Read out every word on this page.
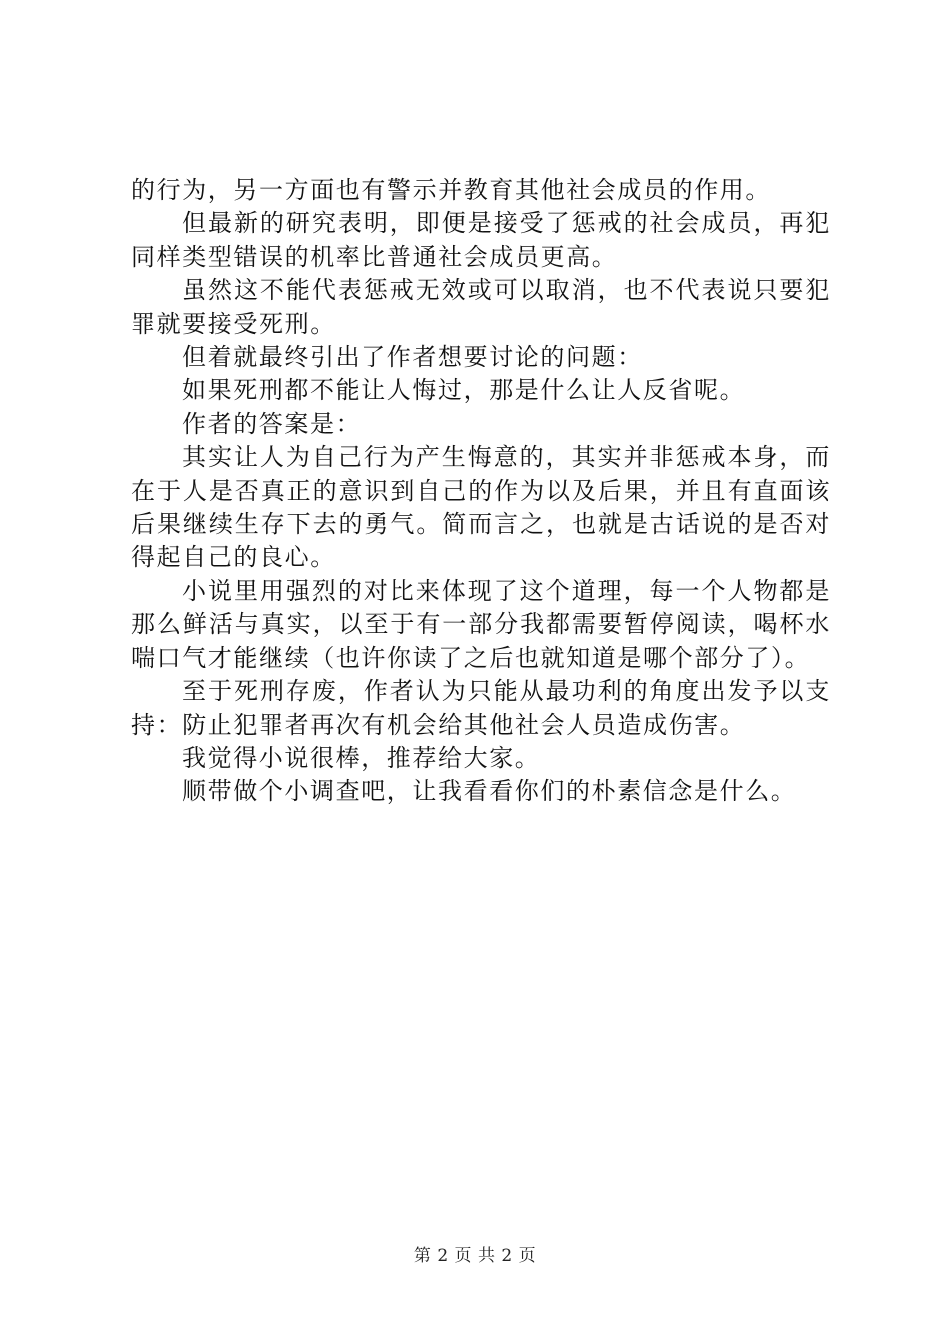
的行为，另一方面也有警示并教育其他社会成员的作用。

但最新的研究表明，即便是接受了惩戒的社会成员，再犯同样类型错误的机率比普通社会成员更高。

虽然这不能代表惩戒无效或可以取消，也不代表说只要犯罪就要接受死刑。

但着就最终引出了作者想要讨论的问题：

如果死刑都不能让人悔过，那是什么让人反省呢。

作者的答案是：

其实让人为自己行为产生悔意的，其实并非惩戒本身，而在于人是否真正的意识到自己的作为以及后果，并且有直面该后果继续生存下去的勇气。简而言之，也就是古话说的是否对得起自己的良心。

小说里用强烈的对比来体现了这个道理，每一个人物都是那么鲜活与真实，以至于有一部分我都需要暂停阅读，喝杯水喘口气才能继续（也许你读了之后也就知道是哪个部分了）。

至于死刑存废，作者认为只能从最功利的角度出发予以支持：防止犯罪者再次有机会给其他社会人员造成伤害。

我觉得小说很棒，推荐给大家。

顺带做个小调查吧，让我看看你们的朴素信念是什么。

第 2 页 共 2 页
